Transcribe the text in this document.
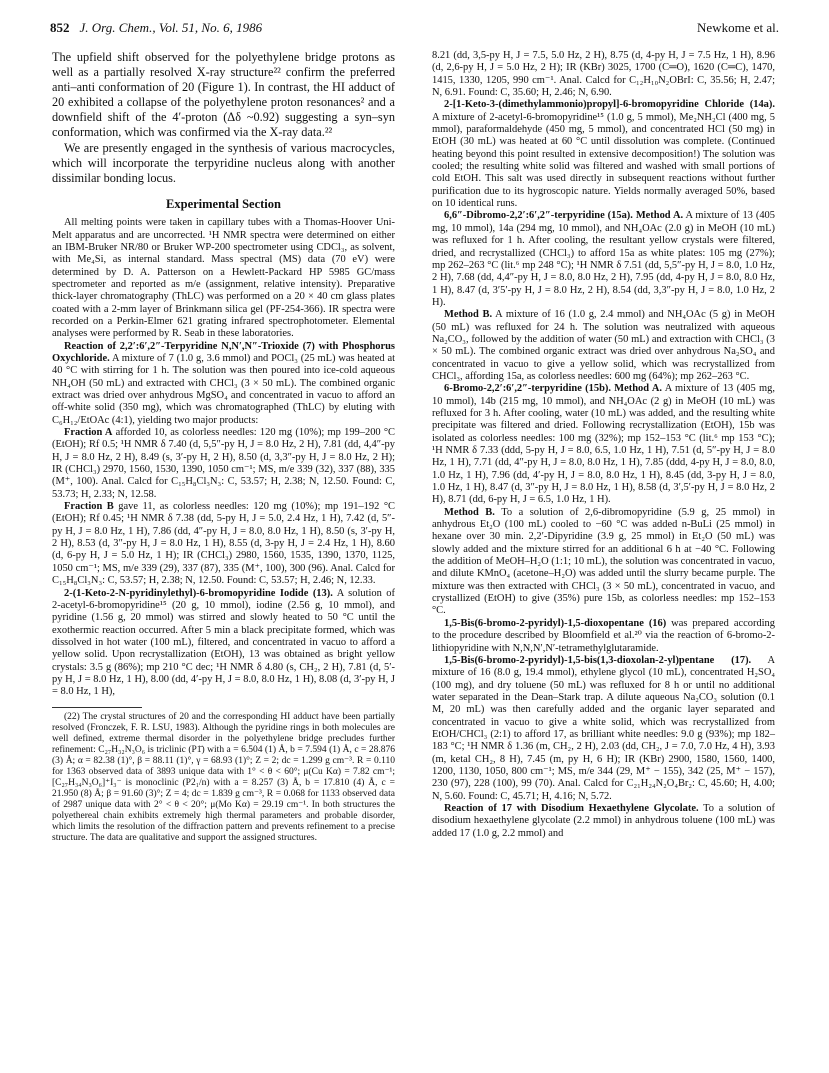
852 J. Org. Chem., Vol. 51, No. 6, 1986	Newkome et al.

The upfield shift observed for the polyethylene bridge protons as well as a partially resolved X-ray structure²² confirm the preferred anti–anti conformation of 20 (Figure 1). In contrast, the HI adduct of 20 exhibited a collapse of the polyethylene proton resonances² and a downfield shift of the 4′-proton (Δδ ~0.92) suggesting a syn–syn conformation, which was confirmed via the X-ray data.²²

We are presently engaged in the synthesis of various macrocycles, which will incorporate the terpyridine nucleus along with another dissimilar bonding locus.

Experimental Section

All melting points were taken in capillary tubes with a Thomas-Hoover Uni-Melt apparatus and are uncorrected. ¹H NMR spectra were determined on either an IBM-Bruker NR/80 or Bruker WP-200 spectrometer using CDCl₃, as solvent, with Me₄Si, as internal standard. Mass spectral (MS) data (70 eV) were determined by D. A. Patterson on a Hewlett-Packard HP 5985 GC/mass spectrometer and reported as m/e (assignment, relative intensity). Preparative thick-layer chromatography (ThLC) was performed on a 20 × 40 cm glass plates coated with a 2-mm layer of Brinkmann silica gel (PF-254-366). IR spectra were recorded on a Perkin-Elmer 621 grating infrared spectrophotometer. Elemental analyses were performed by R. Seab in these laboratories.

Reaction of 2,2′:6′,2″-Terpyridine N,N′,N″-Trioxide (7) with Phosphorus Oxychloride. A mixture of 7 (1.0 g, 3.6 mmol) and POCl₃ (25 mL) was heated at 40 °C with stirring for 1 h. The solution was then poured into ice-cold aqueous NH₄OH (50 mL) and extracted with CHCl₃ (3 × 50 mL). The combined organic extract was dried over anhydrous MgSO₄ and concentrated in vacuo to afford an off-white solid (350 mg), which was chromatographed (ThLC) by eluting with C₆H₁₂/EtOAc (4:1), yielding two major products:

Fraction A afforded 10, as colorless needles: 120 mg (10%); mp 199–200 °C (EtOH); Rf 0.5; ¹H NMR δ 7.40 (d, 5,5″-py H, J = 8.0 Hz, 2 H), 7.81 (dd, 4,4″-py H, J = 8.0 Hz, 2 H), 8.49 (s, 3′-py H, 2 H), 8.50 (d, 3,3″-py H, J = 8.0 Hz, 2 H); IR (CHCl₃) 2970, 1560, 1530, 1390, 1050 cm⁻¹; MS, m/e 339 (32), 337 (88), 335 (M⁺, 100). Anal. Calcd for C₁₅H₈Cl₃N₃: C, 53.57; H, 2.38; N, 12.50. Found: C, 53.73; H, 2.33; N, 12.58.

Fraction B gave 11, as colorless needles: 120 mg (10%); mp 191–192 °C (EtOH); Rf 0.45; ¹H NMR δ 7.38 (dd, 5-py H, J = 5.0, 2.4 Hz, 1 H), 7.42 (d, 5″-py H, J = 8.0 Hz, 1 H), 7.86 (dd, 4″-py H, J = 8.0, 8.0 Hz, 1 H), 8.50 (s, 3′-py H, 2 H), 8.53 (d, 3″-py H, J = 8.0 Hz, 1 H), 8.55 (d, 3-py H, J = 2.4 Hz, 1 H), 8.60 (d, 6-py H, J = 5.0 Hz, 1 H); IR (CHCl₃) 2980, 1560, 1535, 1390, 1370, 1125, 1050 cm⁻¹; MS, m/e 339 (29), 337 (87), 335 (M⁺, 100), 300 (96). Anal. Calcd for C₁₅H₈Cl₃N₃: C, 53.57; H, 2.38; N, 12.50. Found: C, 53.57; H, 2.46; N, 12.33.

2-(1-Keto-2-N-pyridinylethyl)-6-bromopyridine Iodide (13). A solution of 2-acetyl-6-bromopyridine¹⁵ (20 g, 10 mmol), iodine (2.56 g, 10 mmol), and pyridine (1.56 g, 20 mmol) was stirred and slowly heated to 50 °C until the exothermic reaction occurred. After 5 min a black precipitate formed, which was dissolved in hot water (100 mL), filtered, and concentrated in vacuo to afford a yellow solid. Upon recrystallization (EtOH), 13 was obtained as bright yellow crystals: 3.5 g (86%); mp 210 °C dec; ¹H NMR δ 4.80 (s, CH₂, 2 H), 7.81 (d, 5′-py H, J = 8.0 Hz, 1 H), 8.00 (dd, 4′-py H, J = 8.0, 8.0 Hz, 1 H), 8.08 (d, 3′-py H, J = 8.0 Hz, 1 H),

(22) The crystal structures of 20 and the corresponding HI adduct have been partially resolved (Fronczek, F. R. LSU, 1983). Although the pyridine rings in both molecules are well defined, extreme thermal disorder in the polyethylene bridge precludes further refinement: C₂₇H₃₂N₃O₆ is triclinic (P1̄) with a = 6.504 (1) Å, b = 7.594 (1) Å, c = 28.876 (3) Å; α = 82.38 (1)°, β = 88.11 (1)°, γ = 68.93 (1)°; Z = 2; dc = 1.299 g cm⁻³. R = 0.110 for 1363 observed data of 3893 unique data with 1° < θ < 60°; μ(Cu Kα) = 7.82 cm⁻¹; [C₂₇H₃₄N₃O₆]⁺I₃⁻ is monoclinic (P2₁/n) with a = 8.257 (3) Å, b = 17.810 (4) Å, c = 21.950 (8) Å; β = 91.60 (3)°; Z = 4; dc = 1.839 g cm⁻³, R = 0.068 for 1133 observed data of 2987 unique data with 2° < θ < 20°; μ(Mo Kα) = 29.19 cm⁻¹. In both structures the polyethereal chain exhibits extremely high thermal parameters and probable disorder, which limits the resolution of the diffraction pattern and prevents refinement to a precise structure. The data are qualitative and support the assigned structures.

8.21 (dd, 3,5-py H, J = 7.5, 5.0 Hz, 2 H), 8.75 (d, 4-py H, J = 7.5 Hz, 1 H), 8.96 (d, 2,6-py H, J = 5.0 Hz, 2 H); IR (KBr) 3025, 1700 (C═O), 1620 (C═C), 1470, 1415, 1330, 1205, 990 cm⁻¹. Anal. Calcd for C₁₂H₁₀N₂OBrI: C, 35.56; H, 2.47; N, 6.91. Found: C, 35.60; H, 2.46; N, 6.90.

2-[1-Keto-3-(dimethylammonio)propyl]-6-bromopyridine Chloride (14a). A mixture of 2-acetyl-6-bromopyridine¹⁵ (1.0 g, 5 mmol), Me₂NH₂Cl (400 mg, 5 mmol), paraformaldehyde (450 mg, 5 mmol), and concentrated HCl (50 mg) in EtOH (30 mL) was heated at 60 °C until dissolution was complete. (Continued heating beyond this point resulted in extensive decomposition!) The solution was cooled; the resulting white solid was filtered and washed with small portions of cold EtOH. This salt was used directly in subsequent reactions without further purification due to its hygroscopic nature. Yields normally averaged 50%, based on 10 identical runs.

6,6″-Dibromo-2,2′:6′,2″-terpyridine (15a). Method A. A mixture of 13 (405 mg, 10 mmol), 14a (294 mg, 10 mmol), and NH₄OAc (2.0 g) in MeOH (10 mL) was refluxed for 1 h. After cooling, the resultant yellow crystals were filtered, dried, and recrystallized (CHCl₃) to afford 15a as white plates: 105 mg (27%); mp 262–263 °C (lit.⁶ mp 248 °C); ¹H NMR δ 7.51 (dd, 5,5″-py H, J = 8.0, 1.0 Hz, 2 H), 7.68 (dd, 4,4″-py H, J = 8.0, 8.0 Hz, 2 H), 7.95 (dd, 4-py H, J = 8.0, 8.0 Hz, 1 H), 8.47 (d, 3′5′-py H, J = 8.0 Hz, 2 H), 8.54 (dd, 3,3″-py H, J = 8.0, 1.0 Hz, 2 H).

Method B. A mixture of 16 (1.0 g, 2.4 mmol) and NH₄OAc (5 g) in MeOH (50 mL) was refluxed for 24 h. The solution was neutralized with aqueous Na₂CO₃, followed by the addition of water (50 mL) and extraction with CHCl₃ (3 × 50 mL). The combined organic extract was dried over anhydrous Na₂SO₄ and concentrated in vacuo to give a yellow solid, which was recrystallized from CHCl₃, affording 15a, as colorless needles: 600 mg (64%); mp 262–263 °C.

6-Bromo-2,2′:6′,2″-terpyridine (15b). Method A. A mixture of 13 (405 mg, 10 mmol), 14b (215 mg, 10 mmol), and NH₄OAc (2 g) in MeOH (10 mL) was refluxed for 3 h. After cooling, water (10 mL) was added, and the resulting white precipitate was filtered and dried. Following recrystallization (EtOH), 15b was isolated as colorless needles: 100 mg (32%); mp 152–153 °C (lit.⁶ mp 153 °C); ¹H NMR δ 7.33 (ddd, 5-py H, J = 8.0, 6.5, 1.0 Hz, 1 H), 7.51 (d, 5″-py H, J = 8.0 Hz, 1 H), 7.71 (dd, 4″-py H, J = 8.0, 8.0 Hz, 1 H), 7.85 (ddd, 4-py H, J = 8.0, 8.0, 1.0 Hz, 1 H), 7.96 (dd, 4′-py H, J = 8.0, 8.0 Hz, 1 H), 8.45 (dd, 3-py H, J = 8.0, 1.0 Hz, 1 H), 8.47 (d, 3″-py H, J = 8.0 Hz, 1 H), 8.58 (d, 3′,5′-py H, J = 8.0 Hz, 2 H), 8.71 (dd, 6-py H, J = 6.5, 1.0 Hz, 1 H).

Method B. To a solution of 2,6-dibromopyridine (5.9 g, 25 mmol) in anhydrous Et₂O (100 mL) cooled to −60 °C was added n-BuLi (25 mmol) in hexane over 30 min. 2,2′-Dipyridine (3.9 g, 25 mmol) in Et₂O (50 mL) was slowly added and the mixture stirred for an additional 6 h at −40 °C. Following the addition of MeOH–H₂O (1:1; 10 mL), the solution was concentrated in vacuo, and dilute KMnO₄ (acetone–H₂O) was added until the slurry became purple. The mixture was then extracted with CHCl₃ (3 × 50 mL), concentrated in vacuo, and crystallized (EtOH) to give (35%) pure 15b, as colorless needles: mp 152–153 °C.

1,5-Bis(6-bromo-2-pyridyl)-1,5-dioxopentane (16) was prepared according to the procedure described by Bloomfield et al.²⁰ via the reaction of 6-bromo-2-lithiopyridine with N,N,N′,N′-tetramethylglutaramide.

1,5-Bis(6-bromo-2-pyridyl)-1,5-bis(1,3-dioxolan-2-yl)pentane (17). A mixture of 16 (8.0 g, 19.4 mmol), ethylene glycol (10 mL), concentrated H₂SO₄ (100 mg), and dry toluene (50 mL) was refluxed for 8 h or until no additional water separated in the Dean–Stark trap. A dilute aqueous Na₂CO₃ solution (0.1 M, 20 mL) was then carefully added and the organic layer separated and concentrated in vacuo to give a white solid, which was recrystallized from EtOH/CHCl₃ (2:1) to afford 17, as brilliant white needles: 9.0 g (93%); mp 182–183 °C; ¹H NMR δ 1.36 (m, CH₂, 2 H), 2.03 (dd, CH₂, J = 7.0, 7.0 Hz, 4 H), 3.93 (m, ketal CH₂, 8 H), 7.45 (m, py H, 6 H); IR (KBr) 2900, 1580, 1560, 1400, 1200, 1130, 1050, 800 cm⁻¹; MS, m/e 344 (29, M⁺ − 155), 342 (25, M⁺ − 157), 230 (97), 228 (100), 99 (70). Anal. Calcd for C₂₁H₂₄N₂O₄Br₂: C, 45.60; H, 4.00; N, 5.60. Found: C, 45.71; H, 4.16; N, 5.72.

Reaction of 17 with Disodium Hexaethylene Glycolate. To a solution of disodium hexaethylene glycolate (2.2 mmol) in anhydrous toluene (100 mL) was added 17 (1.0 g, 2.2 mmol) and
